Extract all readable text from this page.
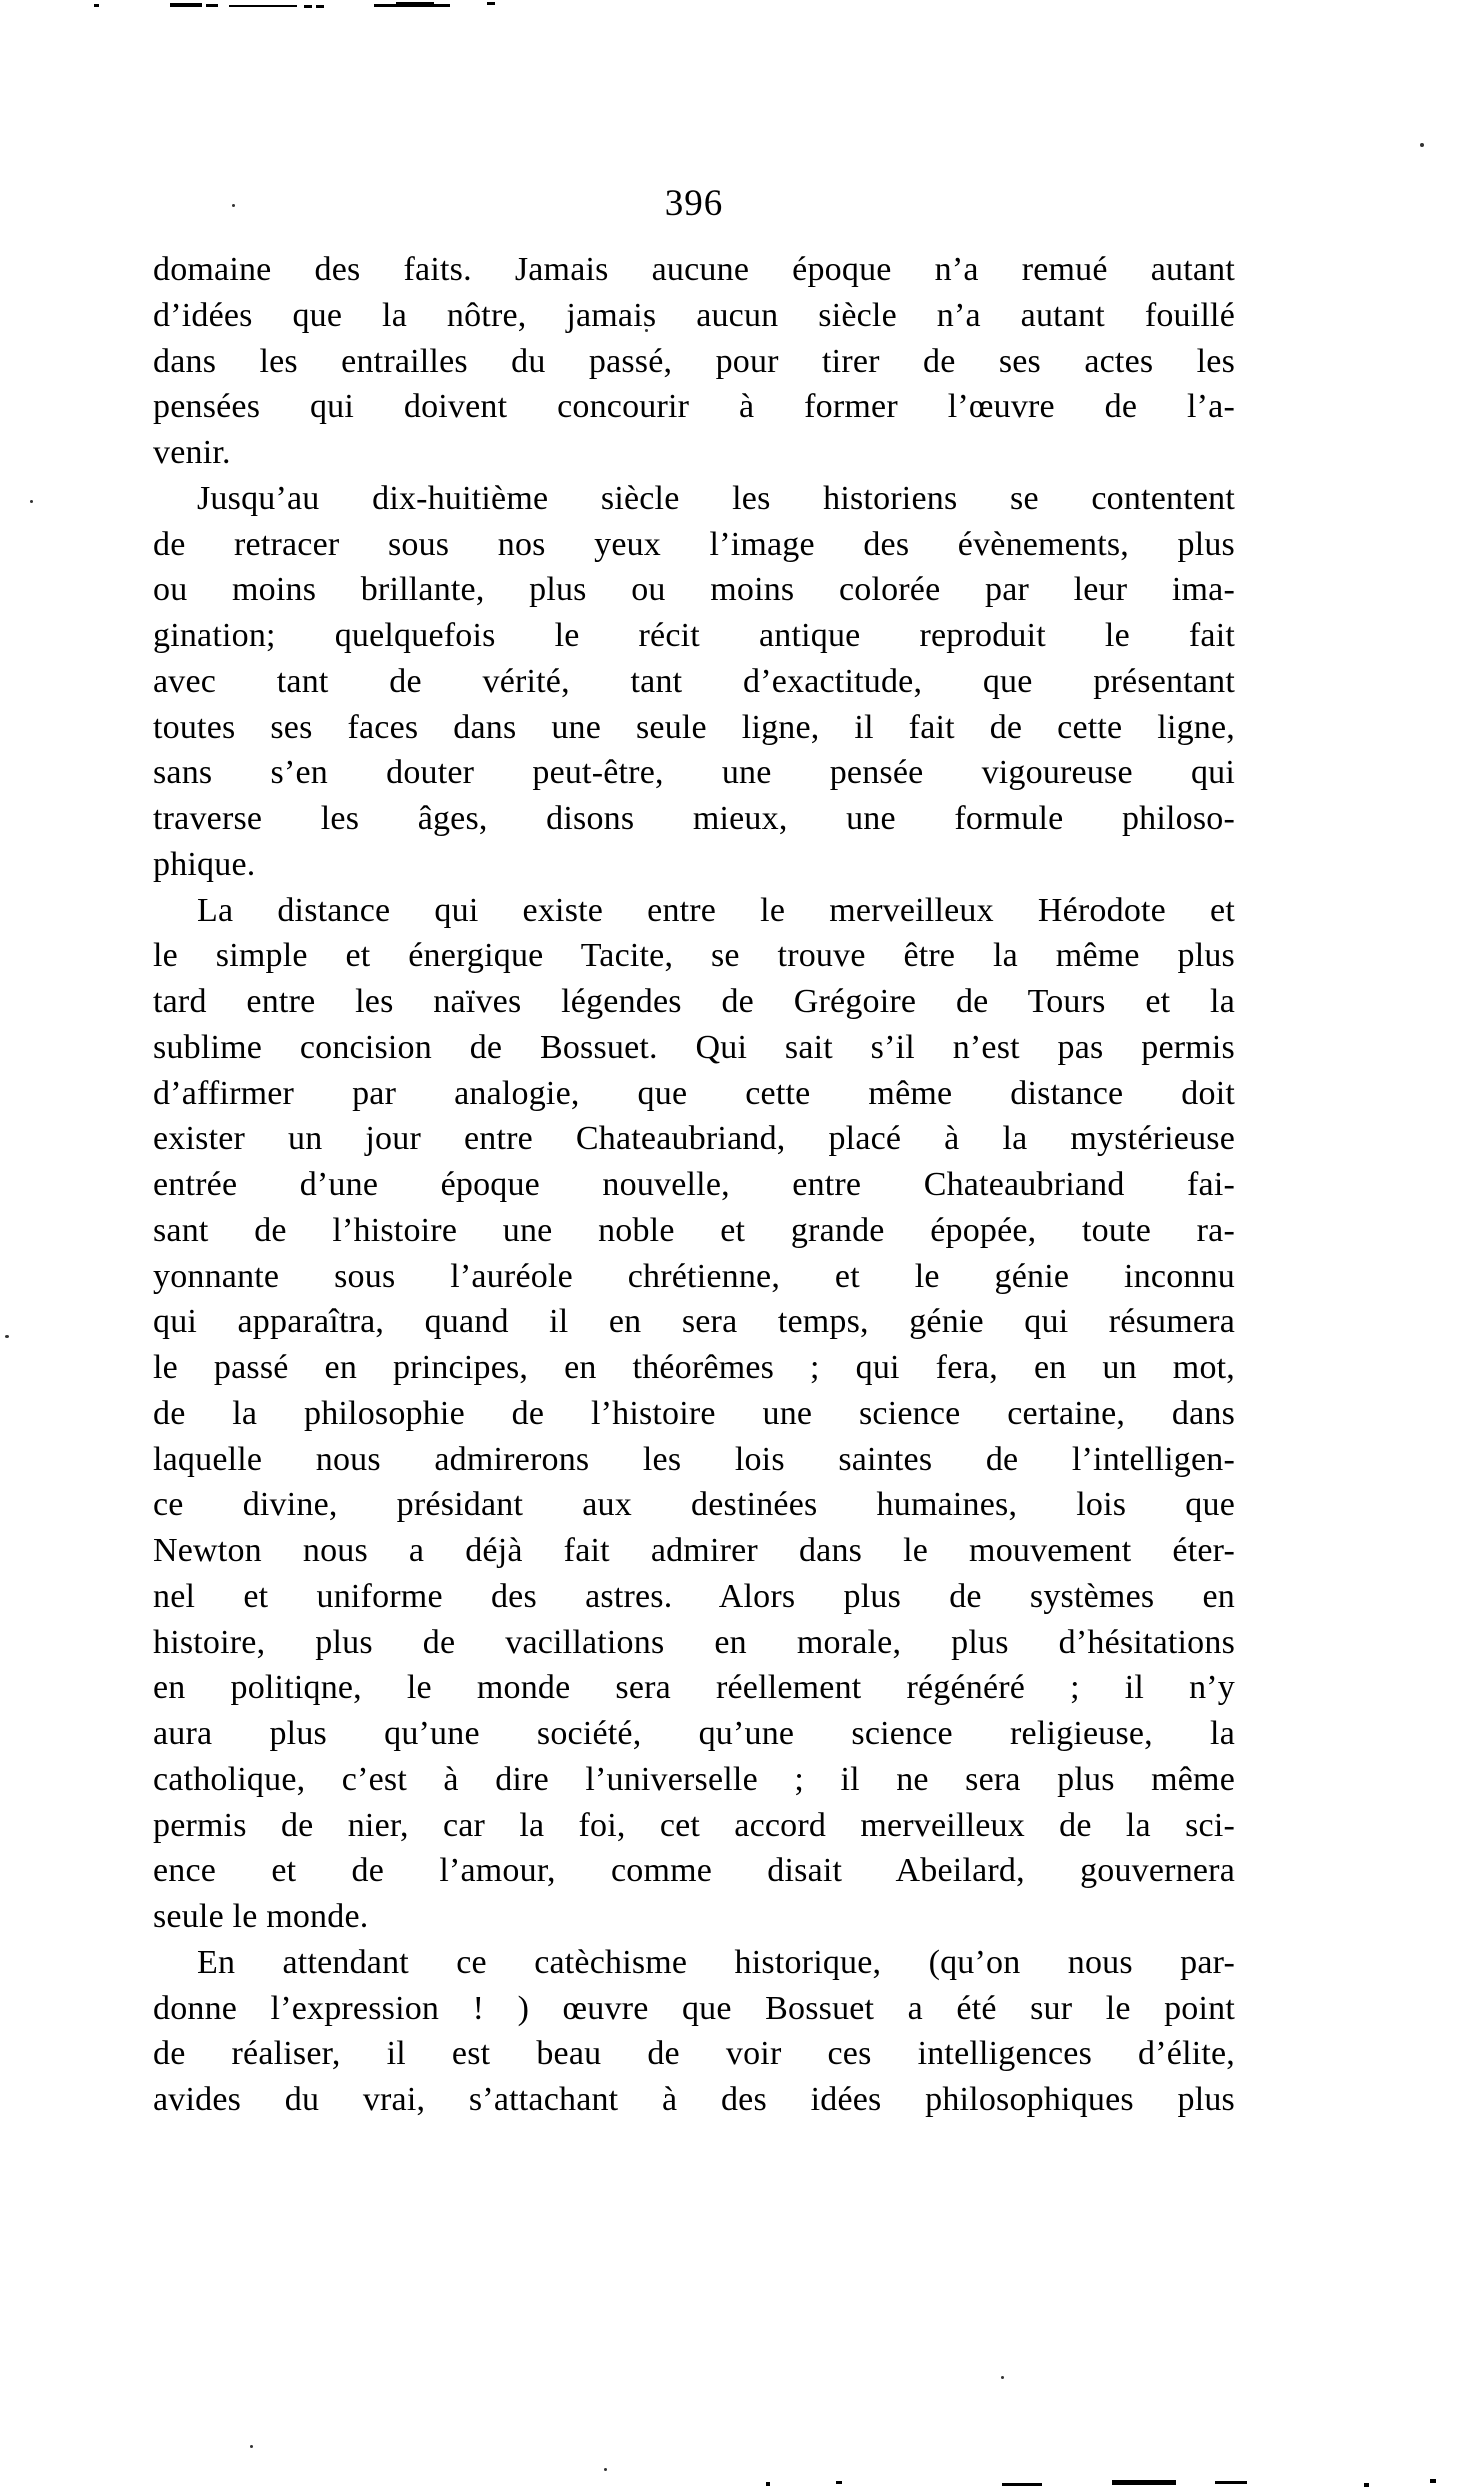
396
domaine des faits. Jamais aucune époque n’a remué autant
d’idées que la nôtre, jamais aucun siècle n’a autant fouillé
dans les entrailles du passé, pour tirer de ses actes les
pensées qui doivent concourir à former l’œuvre de l’a-
venir.
Jusqu’au dix-huitième siècle les historiens se contentent
de retracer sous nos yeux l’image des évènements, plus
ou moins brillante, plus ou moins colorée par leur ima-
gination; quelquefois le récit antique reproduit le fait
avec tant de vérité, tant d’exactitude, que présentant
toutes ses faces dans une seule ligne, il fait de cette ligne,
sans s’en douter peut-être, une pensée vigoureuse qui
traverse les âges, disons mieux, une formule philoso-
phique.
La distance qui existe entre le merveilleux Hérodote et
le simple et énergique Tacite, se trouve être la même plus
tard entre les naïves légendes de Grégoire de Tours et la
sublime concision de Bossuet. Qui sait s’il n’est pas permis
d’affirmer par analogie, que cette même distance doit
exister un jour entre Chateaubriand, placé à la mystérieuse
entrée d’une époque nouvelle, entre Chateaubriand fai-
sant de l’histoire une noble et grande épopée, toute ra-
yonnante sous l’auréole chrétienne, et le génie inconnu
qui apparaîtra, quand il en sera temps, génie qui résumera
le passé en principes, en théorêmes ; qui fera, en un mot,
de la philosophie de l’histoire une science certaine, dans
laquelle nous admirerons les lois saintes de l’intelligen-
ce divine, présidant aux destinées humaines, lois que
Newton nous a déjà fait admirer dans le mouvement éter-
nel et uniforme des astres. Alors plus de systèmes en
histoire, plus de vacillations en morale, plus d’hésitations
en politiqne, le monde sera réellement régénéré ; il n’y
aura plus qu’une société, qu’une science religieuse, la
catholique, c’est à dire l’universelle ; il ne sera plus même
permis de nier, car la foi, cet accord merveilleux de la sci-
ence et de l’amour, comme disait Abeilard, gouvernera
seule le monde.
En attendant ce catèchisme historique, (qu’on nous par-
donne l’expression ! ) œuvre que Bossuet a été sur le point
de réaliser, il est beau de voir ces intelligences d’élite,
avides du vrai, s’attachant à des idées philosophiques plus
